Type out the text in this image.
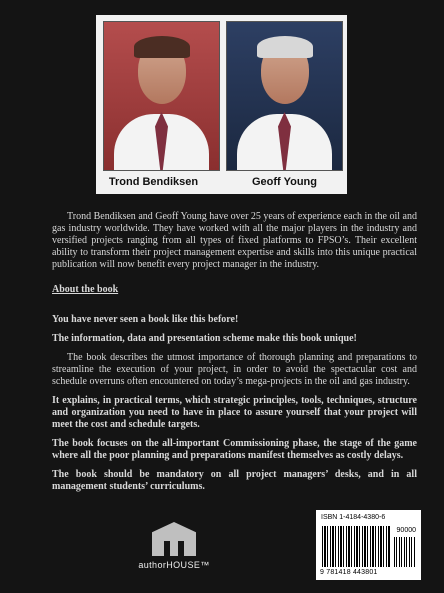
Trond Bendiksen	Geoff Young

Trond Bendiksen and Geoff Young have over 25 years of experience each in the oil and gas industry worldwide. They have worked with all the major players in the industry and versified projects ranging from all types of fixed platforms to FPSO’s. Their excellent ability to transform their project management expertise and skills into this unique practical publication will now benefit every project manager in the industry.

About the book

You have never seen a book like this before!

The information, data and presentation scheme make this book unique!

The book describes the utmost importance of thorough planning and preparations to streamline the execution of your project, in order to avoid the spectacular cost and schedule overruns often encountered on today’s mega-projects in the oil and gas industry.

It explains, in practical terms, which strategic principles, tools, techniques, structure and organization you need to have in place to assure yourself that your project will meet the cost and schedule targets.

The book focuses on the all-important Commissioning phase, the stage of the game where all the poor planning and preparations manifest themselves as costly delays.

The book should be mandatory on all project managers’ desks, and in all management students’ curriculums.

authorHOUSE™
ISBN 1-4184-4380-6
90000
9 781418 443801
